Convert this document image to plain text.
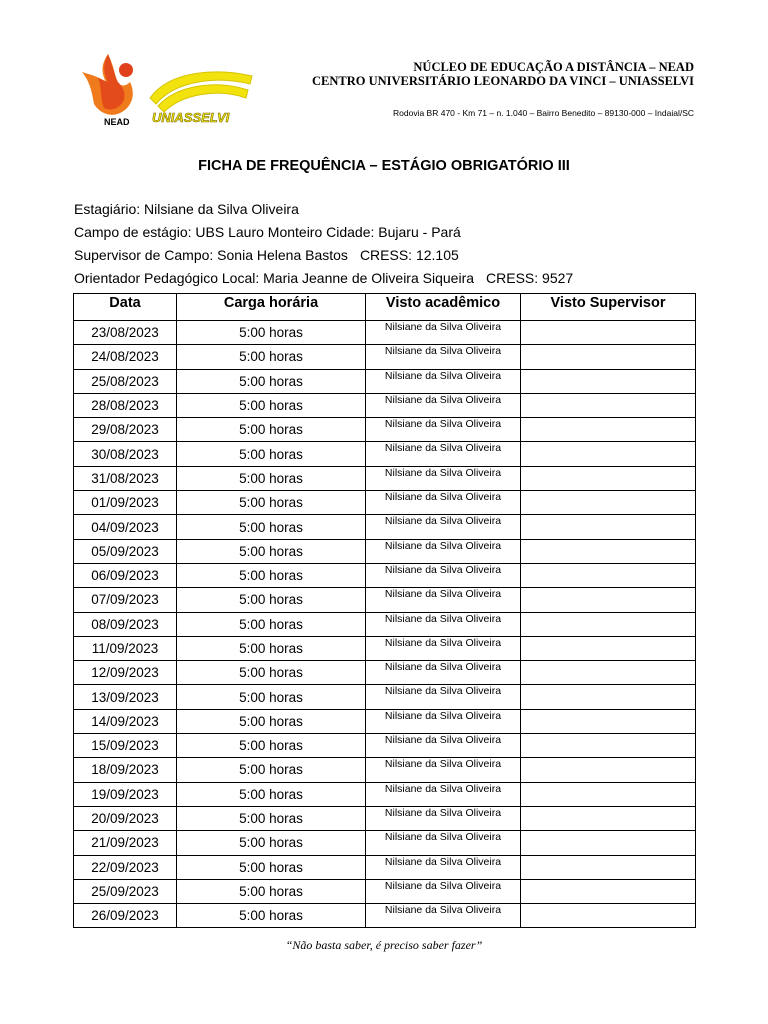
NEAD UNIASSELVI
NÚCLEO DE EDUCAÇÃO A DISTÂNCIA – NEAD
CENTRO UNIVERSITÁRIO LEONARDO DA VINCI – UNIASSELVI
Rodovia BR 470 - Km 71 – n. 1.040 – Bairro Benedito – 89130-000 – Indaial/SC
FICHA DE FREQUÊNCIA – ESTÁGIO OBRIGATÓRIO III
Estagiário: Nilsiane da Silva Oliveira
Campo de estágio: UBS Lauro Monteiro Cidade: Bujaru - Pará
Supervisor de Campo: Sonia Helena Bastos CRESS: 12.105
Orientador Pedagógico Local: Maria Jeanne de Oliveira Siqueira CRESS: 9527
Data	Carga horária	Visto acadêmico	Visto Supervisor
23/08/2023	5:00 horas	Nilsiane da Silva Oliveira	
24/08/2023	5:00 horas	Nilsiane da Silva Oliveira	
25/08/2023	5:00 horas	Nilsiane da Silva Oliveira	
28/08/2023	5:00 horas	Nilsiane da Silva Oliveira	
29/08/2023	5:00 horas	Nilsiane da Silva Oliveira	
30/08/2023	5:00 horas	Nilsiane da Silva Oliveira	
31/08/2023	5:00 horas	Nilsiane da Silva Oliveira	
01/09/2023	5:00 horas	Nilsiane da Silva Oliveira	
04/09/2023	5:00 horas	Nilsiane da Silva Oliveira	
05/09/2023	5:00 horas	Nilsiane da Silva Oliveira	
06/09/2023	5:00 horas	Nilsiane da Silva Oliveira	
07/09/2023	5:00 horas	Nilsiane da Silva Oliveira	
08/09/2023	5:00 horas	Nilsiane da Silva Oliveira	
11/09/2023	5:00 horas	Nilsiane da Silva Oliveira	
12/09/2023	5:00 horas	Nilsiane da Silva Oliveira	
13/09/2023	5:00 horas	Nilsiane da Silva Oliveira	
14/09/2023	5:00 horas	Nilsiane da Silva Oliveira	
15/09/2023	5:00 horas	Nilsiane da Silva Oliveira	
18/09/2023	5:00 horas	Nilsiane da Silva Oliveira	
19/09/2023	5:00 horas	Nilsiane da Silva Oliveira	
20/09/2023	5:00 horas	Nilsiane da Silva Oliveira	
21/09/2023	5:00 horas	Nilsiane da Silva Oliveira	
22/09/2023	5:00 horas	Nilsiane da Silva Oliveira	
25/09/2023	5:00 horas	Nilsiane da Silva Oliveira	
26/09/2023	5:00 horas	Nilsiane da Silva Oliveira	
“Não basta saber, é preciso saber fazer”
